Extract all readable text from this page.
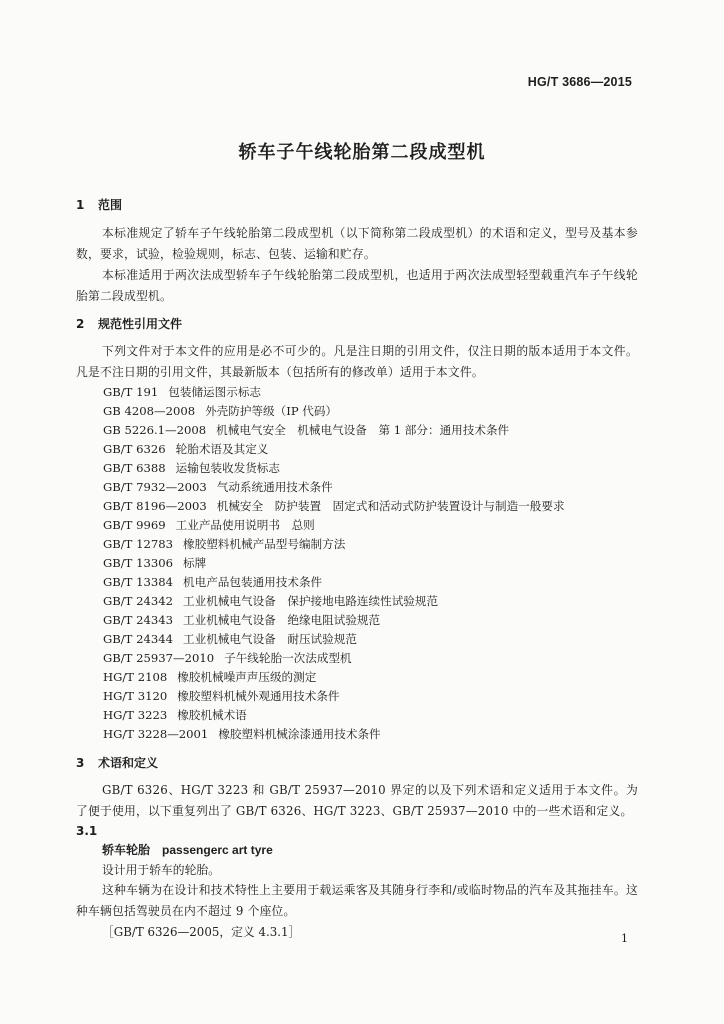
HG/T 3686—2015
轿车子午线轮胎第二段成型机
1 范围

本标准规定了轿车子午线轮胎第二段成型机（以下简称第二段成型机）的术语和定义，型号及基本参数，要求，试验，检验规则，标志、包装、运输和贮存。

本标准适用于两次法成型轿车子午线轮胎第二段成型机，也适用于两次法成型轻型载重汽车子午线轮胎第二段成型机。

2 规范性引用文件

下列文件对于本文件的应用是必不可少的。凡是注日期的引用文件，仅注日期的版本适用于本文件。凡是不注日期的引用文件，其最新版本（包括所有的修改单）适用于本文件。

GB/T 191 包装储运图示标志
GB 4208—2008 外壳防护等级（IP 代码）
GB 5226.1—2008 机械电气安全　机械电气设备　第 1 部分：通用技术条件
GB/T 6326 轮胎术语及其定义
GB/T 6388 运输包装收发货标志
GB/T 7932—2003 气动系统通用技术条件
GB/T 8196—2003 机械安全　防护装置　固定式和活动式防护装置设计与制造一般要求
GB/T 9969 工业产品使用说明书　总则
GB/T 12783 橡胶塑料机械产品型号编制方法
GB/T 13306 标牌
GB/T 13384 机电产品包装通用技术条件
GB/T 24342 工业机械电气设备　保护接地电路连续性试验规范
GB/T 24343 工业机械电气设备　绝缘电阻试验规范
GB/T 24344 工业机械电气设备　耐压试验规范
GB/T 25937—2010 子午线轮胎一次法成型机
HG/T 2108 橡胶机械噪声声压级的测定
HG/T 3120 橡胶塑料机械外观通用技术条件
HG/T 3223 橡胶机械术语
HG/T 3228—2001 橡胶塑料机械涂漆通用技术条件
3 术语和定义

GB/T 6326、HG/T 3223 和 GB/T 25937—2010 界定的以及下列术语和定义适用于本文件。为了便于使用，以下重复列出了 GB/T 6326、HG/T 3223、GB/T 25937—2010 中的一些术语和定义。

3.1
轿车轮胎 passengerc art tyre
设计用于轿车的轮胎。

这种车辆为在设计和技术特性上主要用于载运乘客及其随身行李和/或临时物品的汽车及其拖挂车。这种车辆包括驾驶员在内不超过 9 个座位。

［GB/T 6326—2005，定义 4.3.1］	1
